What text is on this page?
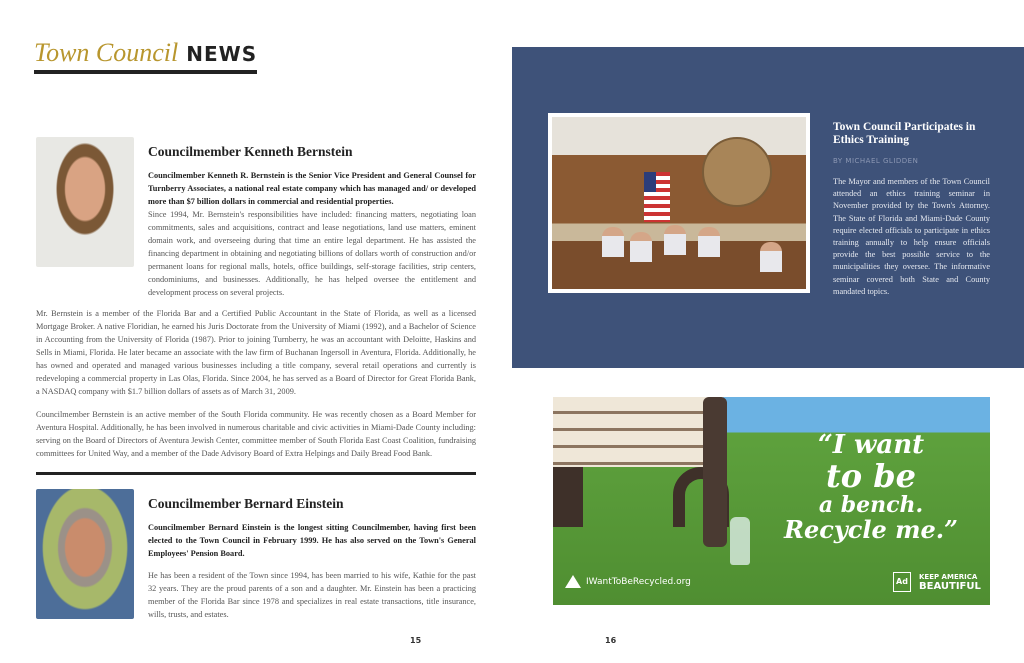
Town Council NEWS
Councilmember Kenneth Bernstein

Councilmember Kenneth R. Bernstein is the Senior Vice President and General Counsel for Turnberry Associates, a national real estate company which has managed and/ or developed more than $7 billion dollars in commercial and residential properties.

Since 1994, Mr. Bernstein's responsibilities have included: financing matters, negotiating loan commitments, sales and acquisitions, contract and lease negotiations, land use matters, eminent domain work, and overseeing during that time an entire legal department. He has assisted the financing department in obtaining and negotiating billions of dollars worth of construction and/or permanent loans for regional malls, hotels, office buildings, self-storage facilities, strip centers, condominiums, and businesses. Additionally, he has helped oversee the entitlement and development process on several projects.

Mr. Bernstein is a member of the Florida Bar and a Certified Public Accountant in the State of Florida, as well as a licensed Mortgage Broker. A native Floridian, he earned his Juris Doctorate from the University of Miami (1992), and a Bachelor of Science in Accounting from the University of Florida (1987). Prior to joining Turnberry, he was an accountant with Deloitte, Haskins and Sells in Miami, Florida. He later became an associate with the law firm of Buchanan Ingersoll in Aventura, Florida. Additionally, he has owned and operated and managed various businesses including a title company, several retail operations and currently is redeveloping a commercial property in Las Olas, Florida. Since 2004, he has served as a Board of Director for Great Florida Bank, a NASDAQ company with $1.7 billion dollars of assets as of March 31, 2009.

Councilmember Bernstein is an active member of the South Florida community. He was recently chosen as a Board Member for Aventura Hospital. Additionally, he has been involved in numerous charitable and civic activities in Miami-Dade County including: serving on the Board of Directors of Aventura Jewish Center, committee member of South Florida East Coast Coalition, fundraising committees for United Way, and a member of the Dade Advisory Board of Extra Helpings and Daily Bread Food Bank.

Councilmember Bernard Einstein

Councilmember Bernard Einstein is the longest sitting Councilmember, having first been elected to the Town Council in February 1999. He has also served on the Town's General Employees' Pension Board.

He has been a resident of the Town since 1994, has been married to his wife, Kathie for the past 32 years. They are the proud parents of a son and a daughter. Mr. Einstein has been a practicing member of the Florida Bar since 1978 and specializes in real estate transactions, title insurance, wills, trusts, and estates.

15	16
Town Council Participates in Ethics Training
BY MICHAEL GLIDDEN

The Mayor and members of the Town Council attended an ethics training seminar in November provided by the Town's Attorney. The State of Florida and Miami-Dade County require elected officials to participate in ethics training annually to help ensure officials provide the best possible service to the municipalities they oversee. The informative seminar covered both State and County mandated topics.

“I want
to be
a bench.
Recycle me.”
IWantToBeRecycled.org	Ad	KEEP AMERICA
BEAUTIFUL
